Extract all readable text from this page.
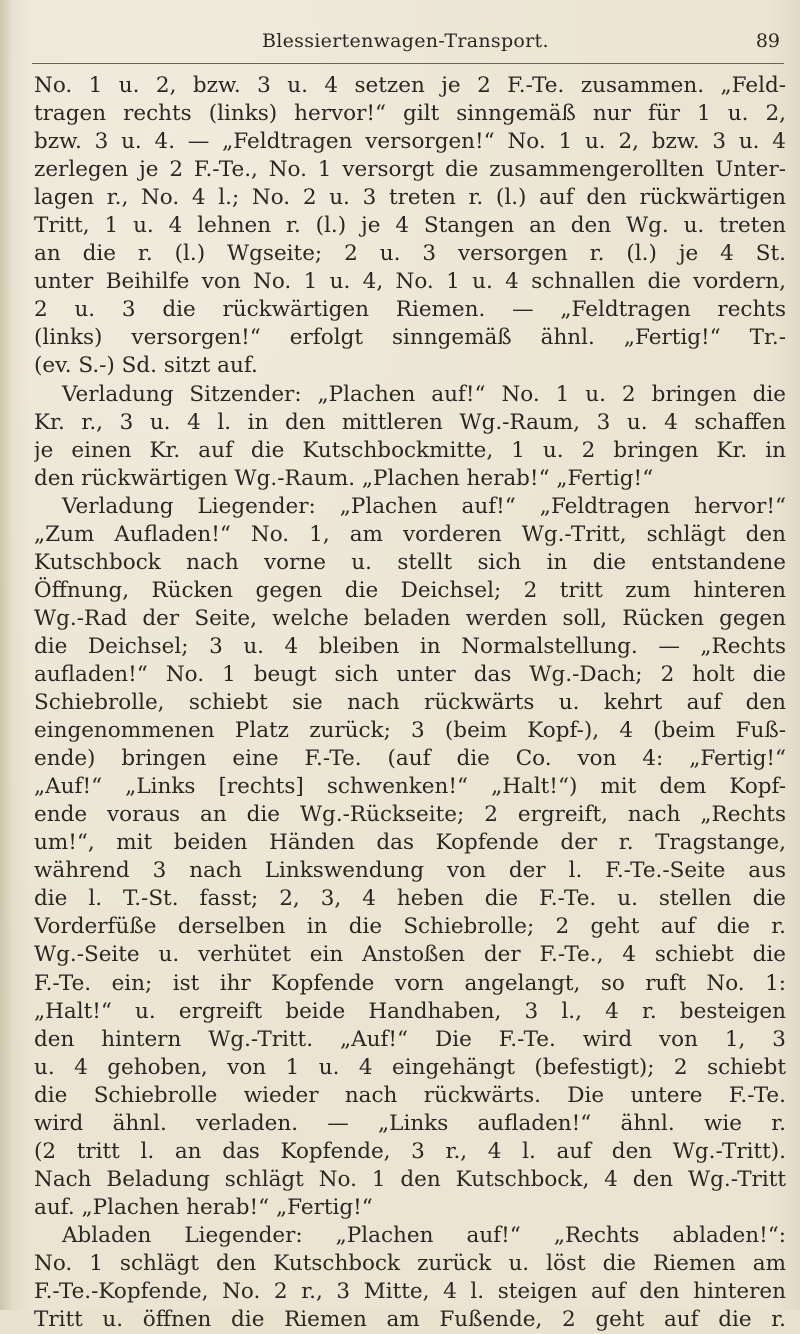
Blessiertenwagen-Transport.	89
No. 1 u. 2, bzw. 3 u. 4 setzen je 2 F.-Te. zusammen. „Feld-
tragen rechts (links) hervor!“ gilt sinngemäß nur für 1 u. 2,
bzw. 3 u. 4. — „Feldtragen versorgen!“ No. 1 u. 2, bzw. 3 u. 4
zerlegen je 2 F.-Te., No. 1 versorgt die zusammengerollten Unter-
lagen r., No. 4 l.; No. 2 u. 3 treten r. (l.) auf den rückwärtigen
Tritt, 1 u. 4 lehnen r. (l.) je 4 Stangen an den Wg. u. treten
an die r. (l.) Wgseite; 2 u. 3 versorgen r. (l.) je 4 St.
unter Beihilfe von No. 1 u. 4, No. 1 u. 4 schnallen die vordern,
2 u. 3 die rückwärtigen Riemen. — „Feldtragen rechts
(links) versorgen!“ erfolgt sinngemäß ähnl. „Fertig!“ Tr.-
(ev. S.-) Sd. sitzt auf.
Verladung Sitzender: „Plachen auf!“ No. 1 u. 2 bringen die
Kr. r., 3 u. 4 l. in den mittleren Wg.-Raum, 3 u. 4 schaffen
je einen Kr. auf die Kutschbockmitte, 1 u. 2 bringen Kr. in
den rückwärtigen Wg.-Raum. „Plachen herab!“ „Fertig!“
Verladung Liegender: „Plachen auf!“ „Feldtragen hervor!“
„Zum Aufladen!“ No. 1, am vorderen Wg.-Tritt, schlägt den
Kutschbock nach vorne u. stellt sich in die entstandene
Öffnung, Rücken gegen die Deichsel; 2 tritt zum hinteren
Wg.-Rad der Seite, welche beladen werden soll, Rücken gegen
die Deichsel; 3 u. 4 bleiben in Normalstellung. — „Rechts
aufladen!“ No. 1 beugt sich unter das Wg.-Dach; 2 holt die
Schiebrolle, schiebt sie nach rückwärts u. kehrt auf den
eingenommenen Platz zurück; 3 (beim Kopf-), 4 (beim Fuß-
ende) bringen eine F.-Te. (auf die Co. von 4: „Fertig!“
„Auf!“ „Links [rechts] schwenken!“ „Halt!“) mit dem Kopf-
ende voraus an die Wg.-Rückseite; 2 ergreift, nach „Rechts
um!“, mit beiden Händen das Kopfende der r. Tragstange,
während 3 nach Linkswendung von der l. F.-Te.-Seite aus
die l. T.-St. fasst; 2, 3, 4 heben die F.-Te. u. stellen die
Vorderfüße derselben in die Schiebrolle; 2 geht auf die r.
Wg.-Seite u. verhütet ein Anstoßen der F.-Te., 4 schiebt die
F.-Te. ein; ist ihr Kopfende vorn angelangt, so ruft No. 1:
„Halt!“ u. ergreift beide Handhaben, 3 l., 4 r. besteigen
den hintern Wg.-Tritt. „Auf!“ Die F.-Te. wird von 1, 3
u. 4 gehoben, von 1 u. 4 eingehängt (befestigt); 2 schiebt
die Schiebrolle wieder nach rückwärts. Die untere F.-Te.
wird ähnl. verladen. — „Links aufladen!“ ähnl. wie r.
(2 tritt l. an das Kopfende, 3 r., 4 l. auf den Wg.-Tritt).
Nach Beladung schlägt No. 1 den Kutschbock, 4 den Wg.-Tritt
auf. „Plachen herab!“ „Fertig!“
Abladen Liegender: „Plachen auf!“ „Rechts abladen!“:
No. 1 schlägt den Kutschbock zurück u. löst die Riemen am
F.-Te.-Kopfende, No. 2 r., 3 Mitte, 4 l. steigen auf den hinteren
Tritt u. öffnen die Riemen am Fußende, 2 geht auf die r.
